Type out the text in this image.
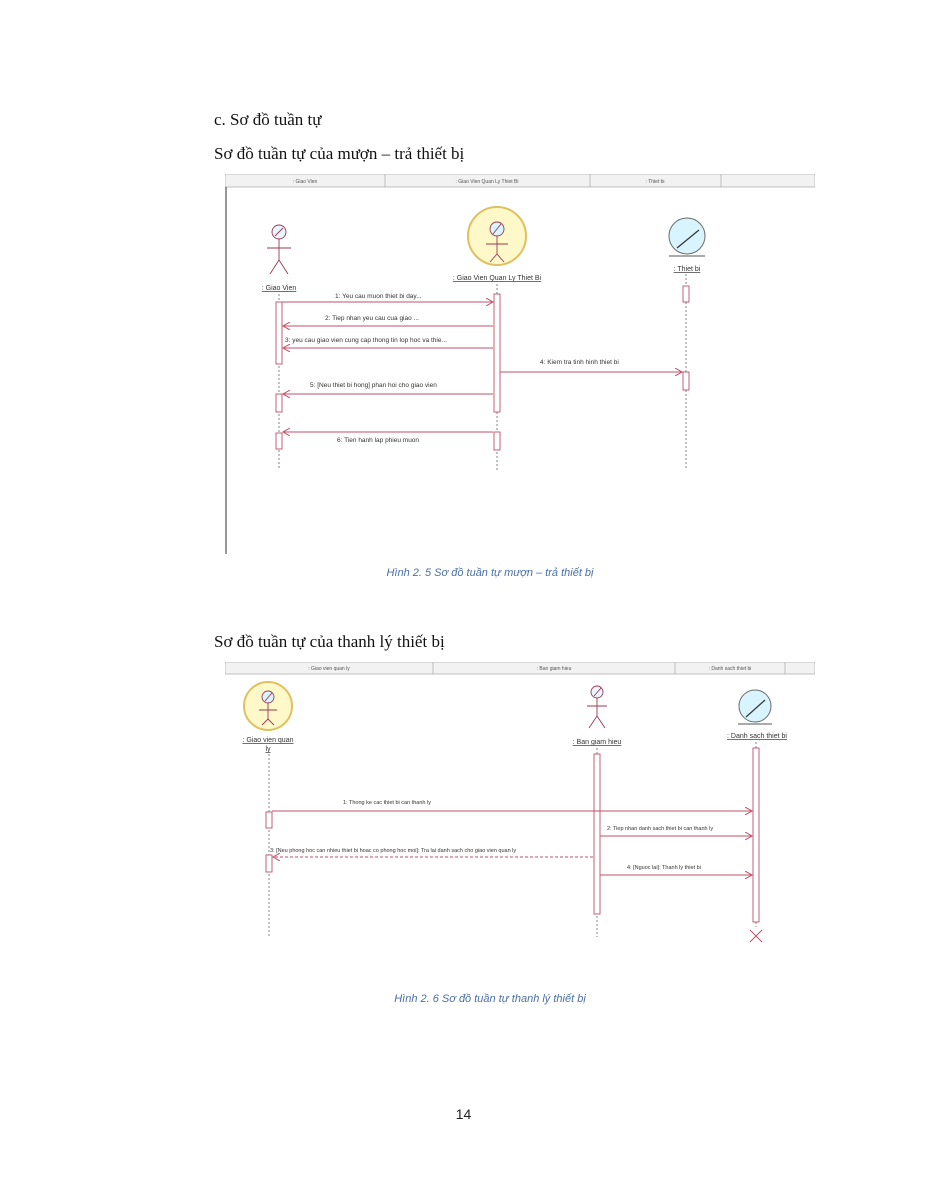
c. Sơ đồ tuần tự
Sơ đồ tuần tự của mượn – trả thiết bị
: Giao Vien	: Giao Vien Quan Ly Thiet Bi	: Thiet bi
: Giao Vien
: Giao Vien Quan Ly Thiet Bi
: Thiet bi
1: Yeu cau muon thiet bi day...
2: Tiep nhan yeu cau cua giao ...
3: yeu cau giao vien cung cap thong tin lop hoc va thie...
4: Kiem tra tinh hinh thiet bi
5: [Neu thiet bi hong] phan hoi cho giao vien
6: Tien hanh lap phieu muon
Hình 2. 5 Sơ đồ tuần tự mượn – trả thiết bị
Sơ đồ tuần tự của thanh lý thiết bị
: Giao vien quan ly	: Ban giam hieu	: Danh sach thiet bi
: Giao vien quan
ly
: Ban giam hieu
: Danh sach thiet bi
1: Thong ke cac thiet bi can thanh ly
2: Tiep nhan danh sach thiet bi can thanh ly
3: [Neu phong hoc can nhieu thiet bi hoac co phong hoc moi]: Tra lai danh sach cho giao vien quan ly
4: [Nguoc lai]: Thanh ly thiet bi
Hình 2. 6 Sơ đồ tuần tự thanh lý thiết bị
14
